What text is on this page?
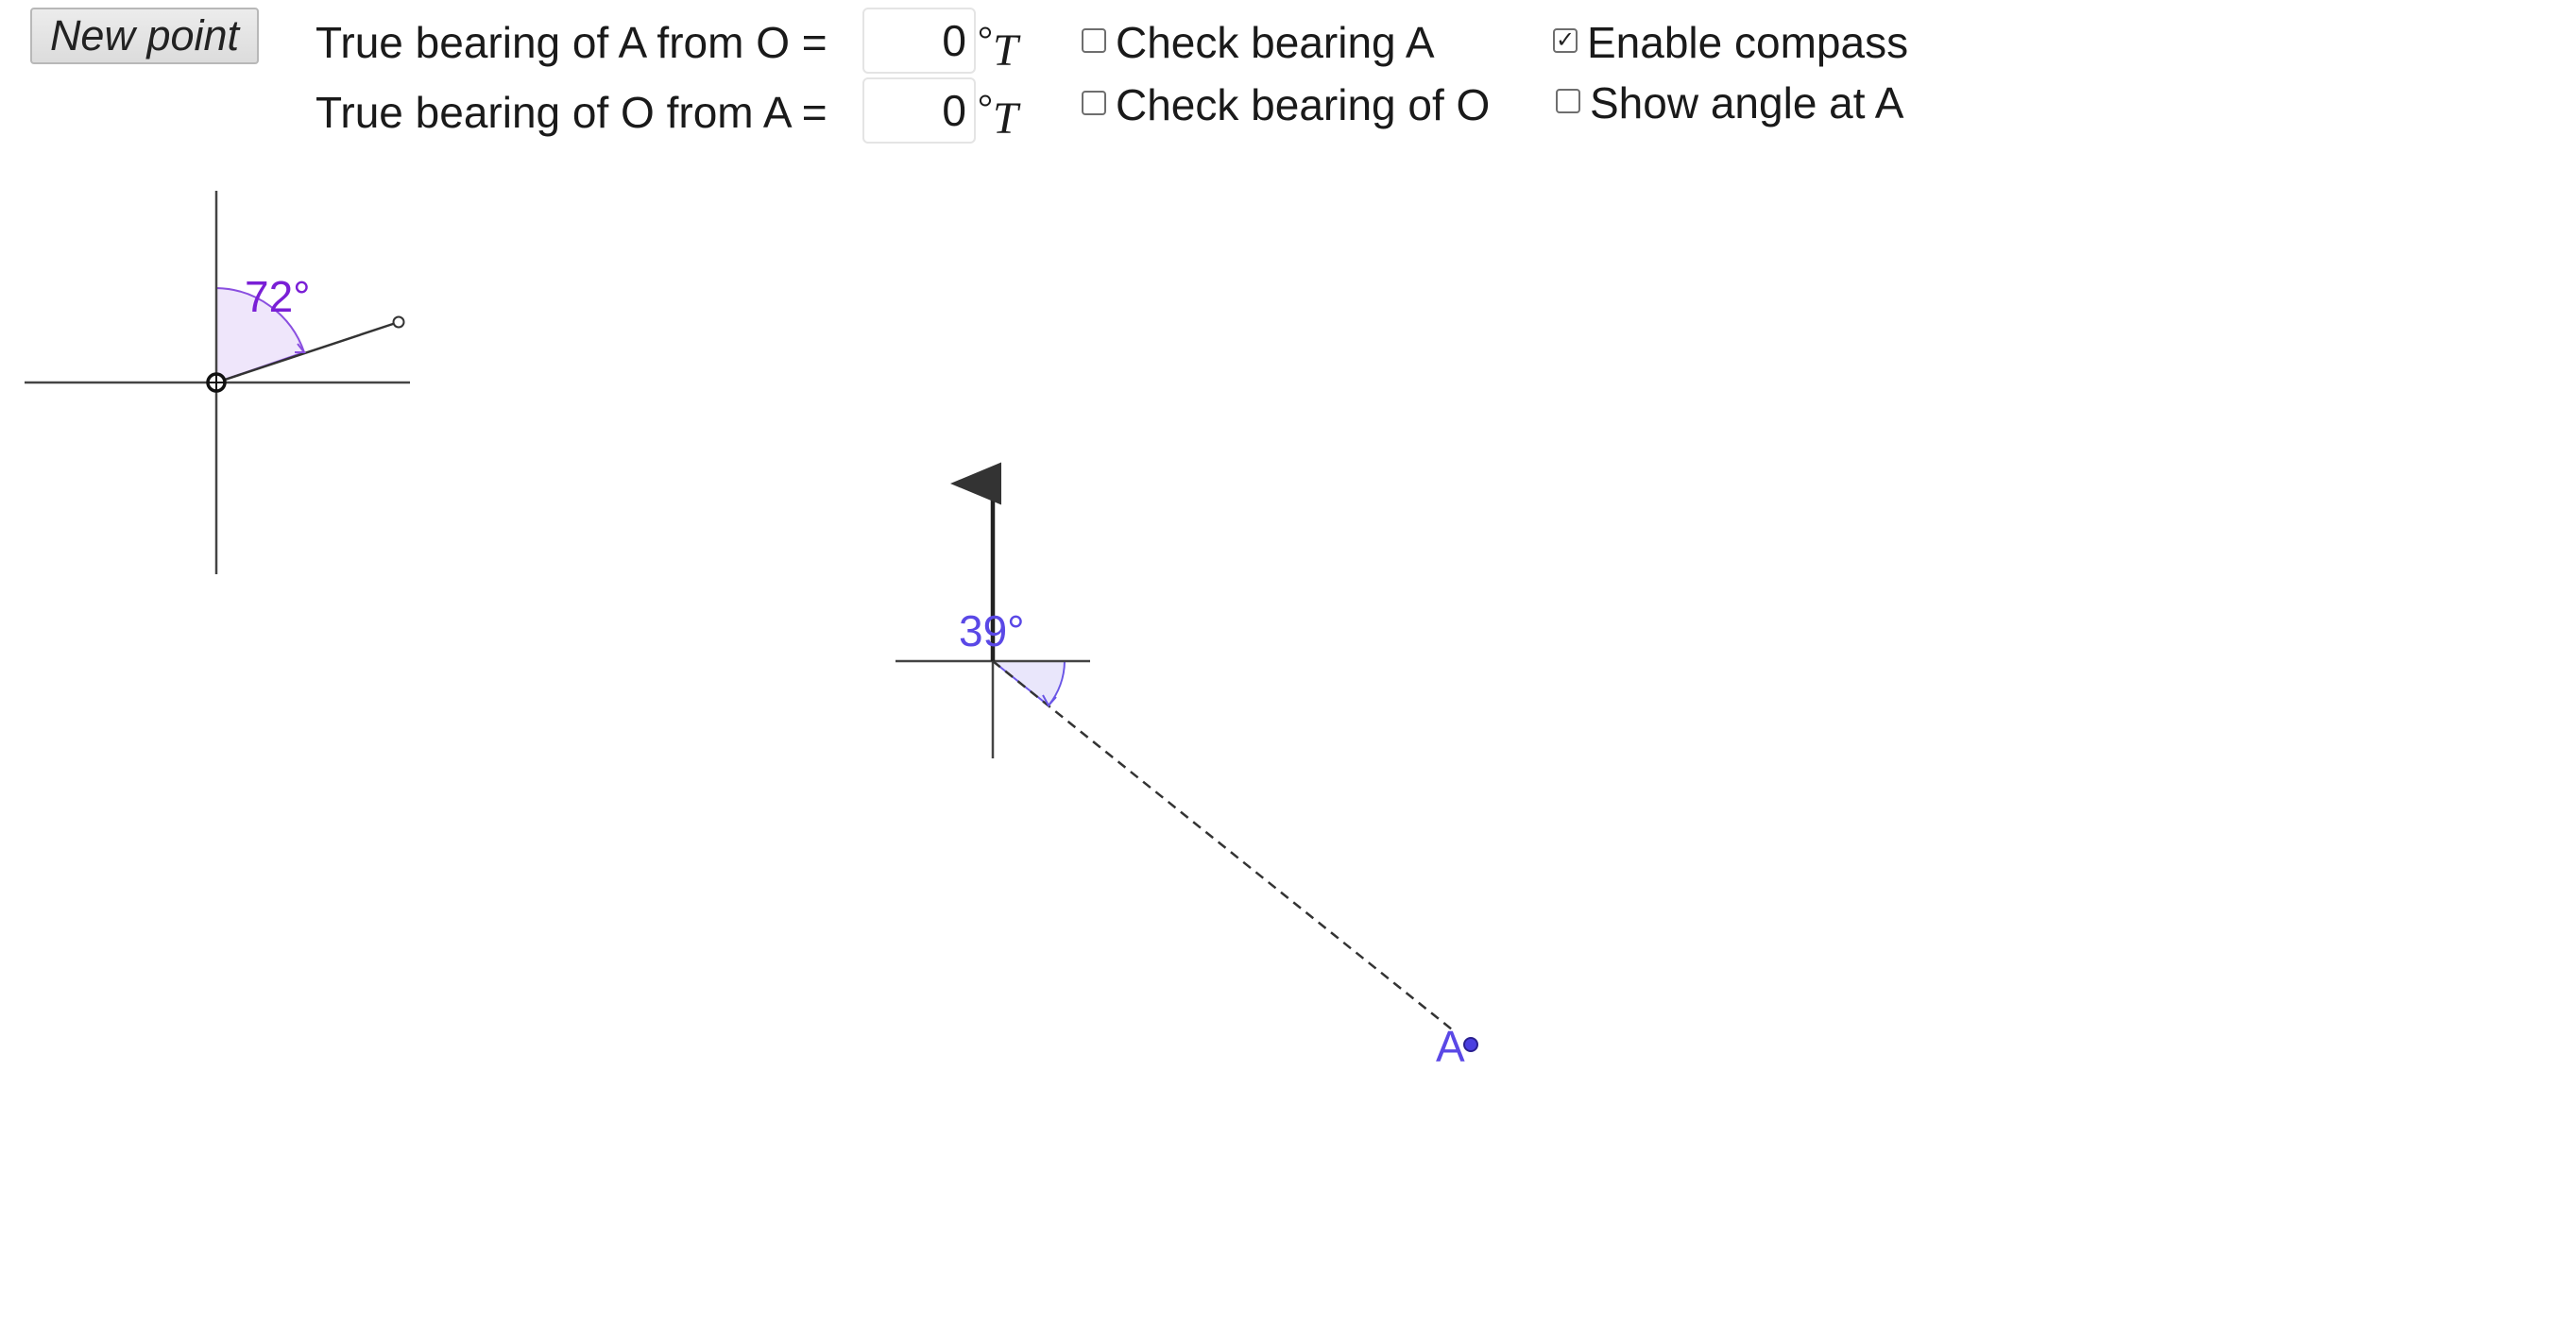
New point	True bearing of A from O =	0 °T
True bearing of O from A =	0 °T
Check bearing A
Check bearing of O
✓ Enable compass
Show angle at A
72°
39°
A
